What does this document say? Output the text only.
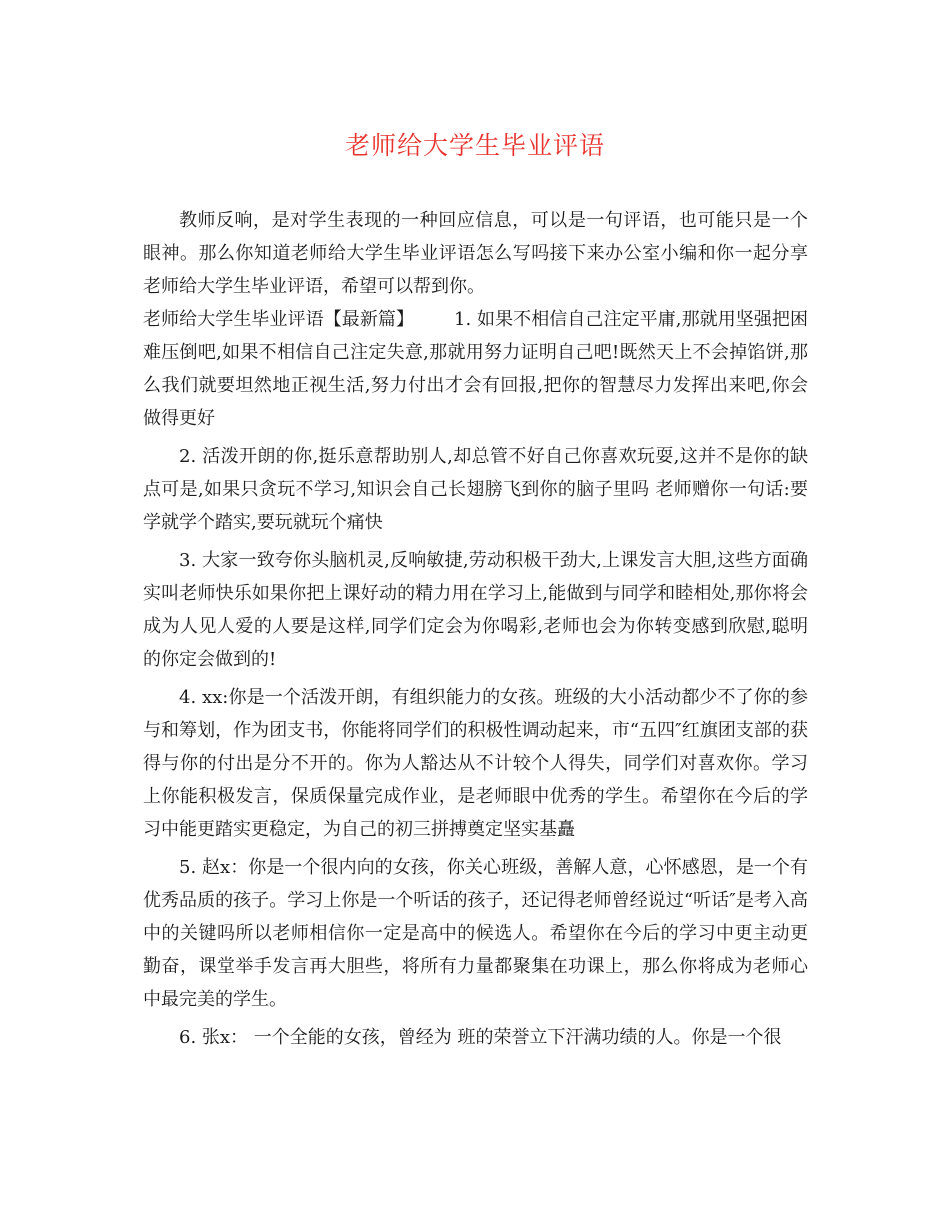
老师给大学生毕业评语

教师反响，是对学生表现的一种回应信息，可以是一句评语，也可能只是一个眼神。那么你知道老师给大学生毕业评语怎么写吗接下来办公室小编和你一起分享老师给大学生毕业评语，希望可以帮到你。

老师给大学生毕业评语【最新篇】 1. 如果不相信自己注定平庸,那就用坚强把困难压倒吧,如果不相信自己注定失意,那就用努力证明自己吧!既然天上不会掉馅饼,那么我们就要坦然地正视生活,努力付出才会有回报,把你的智慧尽力发挥出来吧,你会做得更好

2. 活泼开朗的你,挺乐意帮助别人,却总管不好自己你喜欢玩耍,这并不是你的缺点可是,如果只贪玩不学习,知识会自己长翅膀飞到你的脑子里吗 老师赠你一句话:要学就学个踏实,要玩就玩个痛快

3. 大家一致夸你头脑机灵,反响敏捷,劳动积极干劲大,上课发言大胆,这些方面确实叫老师快乐如果你把上课好动的精力用在学习上,能做到与同学和睦相处,那你将会成为人见人爱的人要是这样,同学们定会为你喝彩,老师也会为你转变感到欣慰,聪明的你定会做到的!

4. xx:你是一个活泼开朗，有组织能力的女孩。班级的大小活动都少不了你的参与和筹划，作为团支书，你能将同学们的积极性调动起来，市“五四″红旗团支部的获得与你的付出是分不开的。你为人豁达从不计较个人得失，同学们对喜欢你。学习上你能积极发言，保质保量完成作业，是老师眼中优秀的学生。希望你在今后的学习中能更踏实更稳定，为自己的初三拼搏奠定坚实基矗

5. 赵x：你是一个很内向的女孩，你关心班级，善解人意，心怀感恩，是一个有优秀品质的孩子。学习上你是一个听话的孩子，还记得老师曾经说过“听话″是考入高中的关键吗所以老师相信你一定是高中的候选人。希望你在今后的学习中更主动更勤奋，课堂举手发言再大胆些，将所有力量都聚集在功课上，那么你将成为老师心中最完美的学生。

6. 张x： 一个全能的女孩，曾经为 班的荣誉立下汗满功绩的人。你是一个很
